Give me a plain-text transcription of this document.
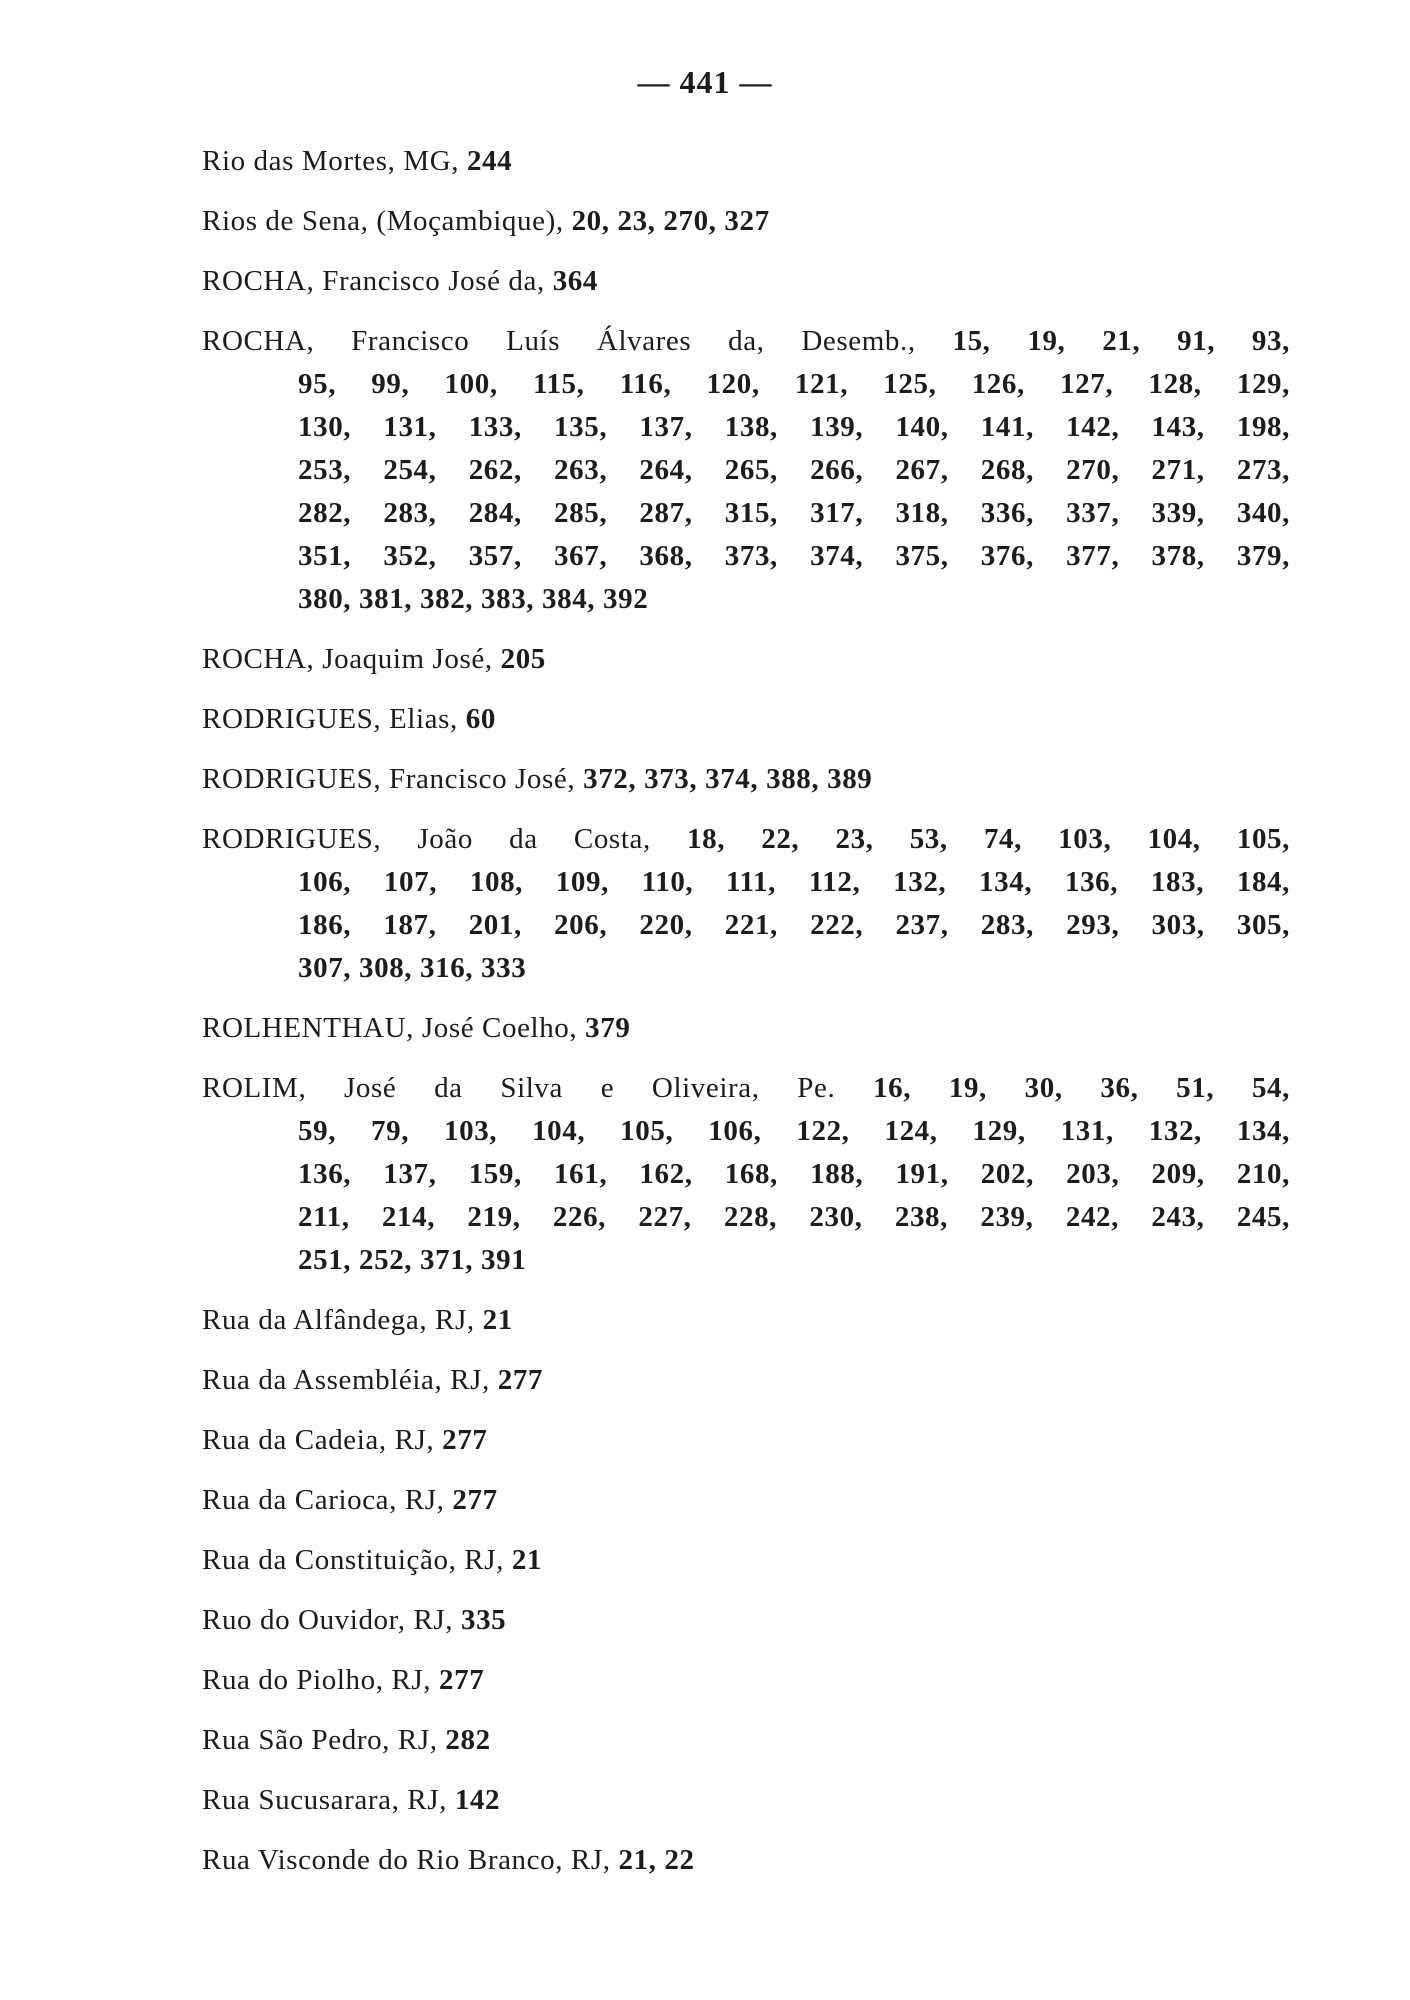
— 441 —
Rio das Mortes, MG, 244
Rios de Sena, (Moçambique), 20, 23, 270, 327
ROCHA, Francisco José da, 364
ROCHA, Francisco Luís Álvares da, Desemb., 15, 19, 21, 91, 93,
95, 99, 100, 115, 116, 120, 121, 125, 126, 127, 128, 129,
130, 131, 133, 135, 137, 138, 139, 140, 141, 142, 143, 198,
253, 254, 262, 263, 264, 265, 266, 267, 268, 270, 271, 273,
282, 283, 284, 285, 287, 315, 317, 318, 336, 337, 339, 340,
351, 352, 357, 367, 368, 373, 374, 375, 376, 377, 378, 379,
380, 381, 382, 383, 384, 392
ROCHA, Joaquim José, 205
RODRIGUES, Elias, 60
RODRIGUES, Francisco José, 372, 373, 374, 388, 389
RODRIGUES, João da Costa, 18, 22, 23, 53, 74, 103, 104, 105,
106, 107, 108, 109, 110, 111, 112, 132, 134, 136, 183, 184,
186, 187, 201, 206, 220, 221, 222, 237, 283, 293, 303, 305,
307, 308, 316, 333
ROLHENTHAU, José Coelho, 379
ROLIM, José da Silva e Oliveira, Pe. 16, 19, 30, 36, 51, 54,
59, 79, 103, 104, 105, 106, 122, 124, 129, 131, 132, 134,
136, 137, 159, 161, 162, 168, 188, 191, 202, 203, 209, 210,
211, 214, 219, 226, 227, 228, 230, 238, 239, 242, 243, 245,
251, 252, 371, 391
Rua da Alfândega, RJ, 21
Rua da Assembléia, RJ, 277
Rua da Cadeia, RJ, 277
Rua da Carioca, RJ, 277
Rua da Constituição, RJ, 21
Ruo do Ouvidor, RJ, 335
Rua do Piolho, RJ, 277
Rua São Pedro, RJ, 282
Rua Sucusarara, RJ, 142
Rua Visconde do Rio Branco, RJ, 21, 22
